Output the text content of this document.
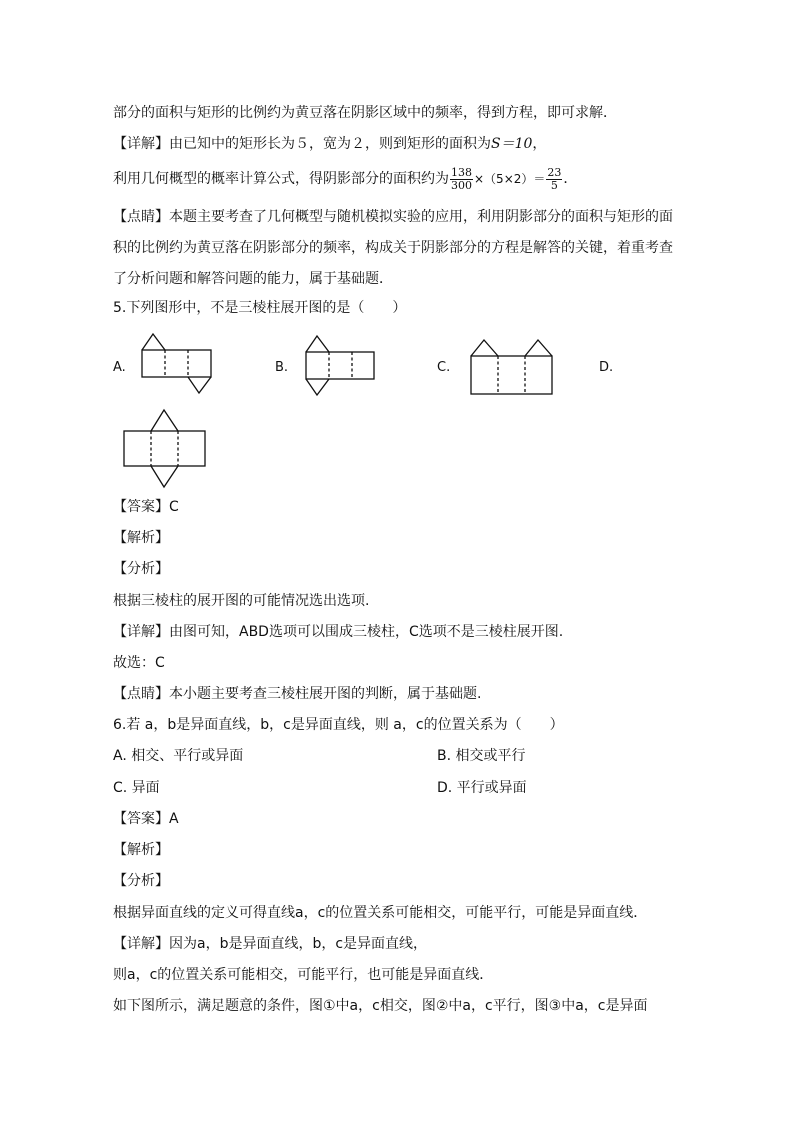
部分的面积与矩形的比例约为黄豆落在阴影区域中的频率，得到方程，即可求解．
【详解】由已知中的矩形长为５，宽为２，则到矩形的面积为S＝10，
利用几何概型的概率计算公式，得阴影部分的面积约为 $\frac{138}{300} \times(5\times 2)= \frac{23}{5}$ ．
【点睛】本题主要考查了几何概型与随机模拟实验的应用，利用阴影部分的面积与矩形的面
积的比例约为黄豆落在阴影部分的频率，构成关于阴影部分的方程是解答的关键，着重考查
了分析问题和解答问题的能力，属于基础题．
5.下列图形中，不是三棱柱展开图的是（　　）
A.	B.	C.	D.
【答案】C
【解析】
【分析】
根据三棱柱的展开图的可能情况选出选项.
【详解】由图可知，ABD选项可以围成三棱柱，C选项不是三棱柱展开图.
故选：C
【点睛】本小题主要考查三棱柱展开图的判断，属于基础题.
6.若 a，b是异面直线，b，c是异面直线，则 a，c的位置关系为（　　）
A. 相交、平行或异面	B. 相交或平行
C. 异面	D. 平行或异面
【答案】A
【解析】
【分析】
根据异面直线的定义可得直线a，c的位置关系可能相交，可能平行，可能是异面直线．
【详解】因为a，b是异面直线，b，c是异面直线，
则a，c的位置关系可能相交，可能平行，也可能是异面直线．
如下图所示，满足题意的条件，图①中a，c相交，图②中a，c平行，图③中a，c是异面
